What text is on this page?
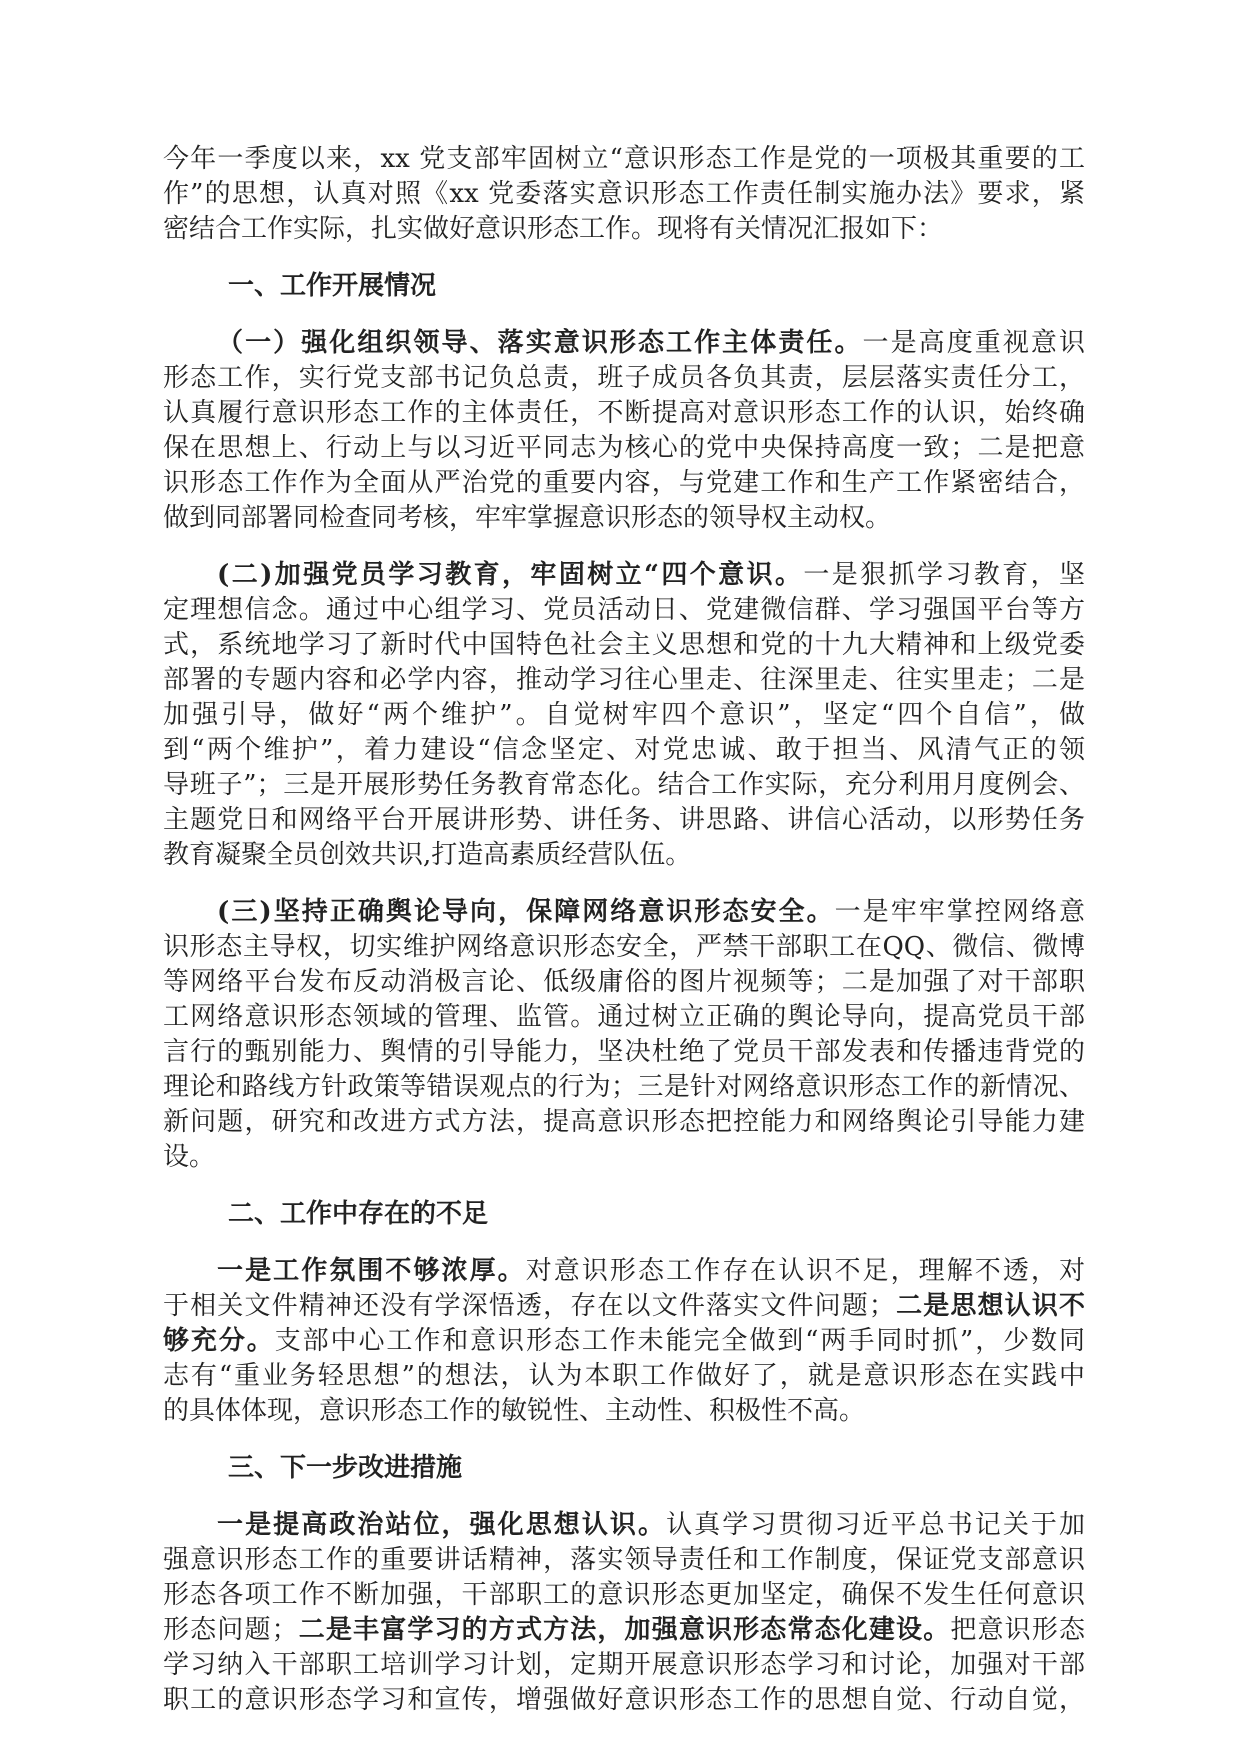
今年一季度以来，xx 党支部牢固树立“意识形态工作是党的一项极其重要的工
作”的思想，认真对照《xx 党委落实意识形态工作责任制实施办法》要求，紧
密结合工作实际，扎实做好意识形态工作。现将有关情况汇报如下：
一、工作开展情况
（一）强化组织领导、落实意识形态工作主体责任。一是高度重视意识
形态工作，实行党支部书记负总责，班子成员各负其责，层层落实责任分工，
认真履行意识形态工作的主体责任，不断提高对意识形态工作的认识，始终确
保在思想上、行动上与以习近平同志为核心的党中央保持高度一致；二是把意
识形态工作作为全面从严治党的重要内容，与党建工作和生产工作紧密结合，
做到同部署同检查同考核，牢牢掌握意识形态的领导权主动权。
(二)加强党员学习教育，牢固树立“四个意识。一是狠抓学习教育，坚
定理想信念。通过中心组学习、党员活动日、党建微信群、学习强国平台等方
式，系统地学习了新时代中国特色社会主义思想和党的十九大精神和上级党委
部署的专题内容和必学内容，推动学习往心里走、往深里走、往实里走；二是
加强引导，做好“两个维护”。自觉树牢四个意识”，坚定“四个自信”，做
到“两个维护”，着力建设“信念坚定、对党忠诚、敢于担当、风清气正的领
导班子”；三是开展形势任务教育常态化。结合工作实际，充分利用月度例会、
主题党日和网络平台开展讲形势、讲任务、讲思路、讲信心活动，以形势任务
教育凝聚全员创效共识,打造高素质经营队伍。
(三)坚持正确舆论导向，保障网络意识形态安全。一是牢牢掌控网络意
识形态主导权，切实维护网络意识形态安全，严禁干部职工在QQ、微信、微博
等网络平台发布反动消极言论、低级庸俗的图片视频等；二是加强了对干部职
工网络意识形态领域的管理、监管。通过树立正确的舆论导向，提高党员干部
言行的甄别能力、舆情的引导能力，坚决杜绝了党员干部发表和传播违背党的
理论和路线方针政策等错误观点的行为；三是针对网络意识形态工作的新情况、
新问题，研究和改进方式方法，提高意识形态把控能力和网络舆论引导能力建
设。
二、工作中存在的不足
一是工作氛围不够浓厚。对意识形态工作存在认识不足，理解不透，对
于相关文件精神还没有学深悟透，存在以文件落实文件问题；二是思想认识不
够充分。支部中心工作和意识形态工作未能完全做到“两手同时抓”，少数同
志有“重业务轻思想”的想法，认为本职工作做好了，就是意识形态在实践中
的具体体现，意识形态工作的敏锐性、主动性、积极性不高。
三、下一步改进措施
一是提高政治站位，强化思想认识。认真学习贯彻习近平总书记关于加
强意识形态工作的重要讲话精神，落实领导责任和工作制度，保证党支部意识
形态各项工作不断加强，干部职工的意识形态更加坚定，确保不发生任何意识
形态问题；二是丰富学习的方式方法，加强意识形态常态化建设。把意识形态
学习纳入干部职工培训学习计划，定期开展意识形态学习和讨论，加强对干部
职工的意识形态学习和宣传，增强做好意识形态工作的思想自觉、行动自觉，
